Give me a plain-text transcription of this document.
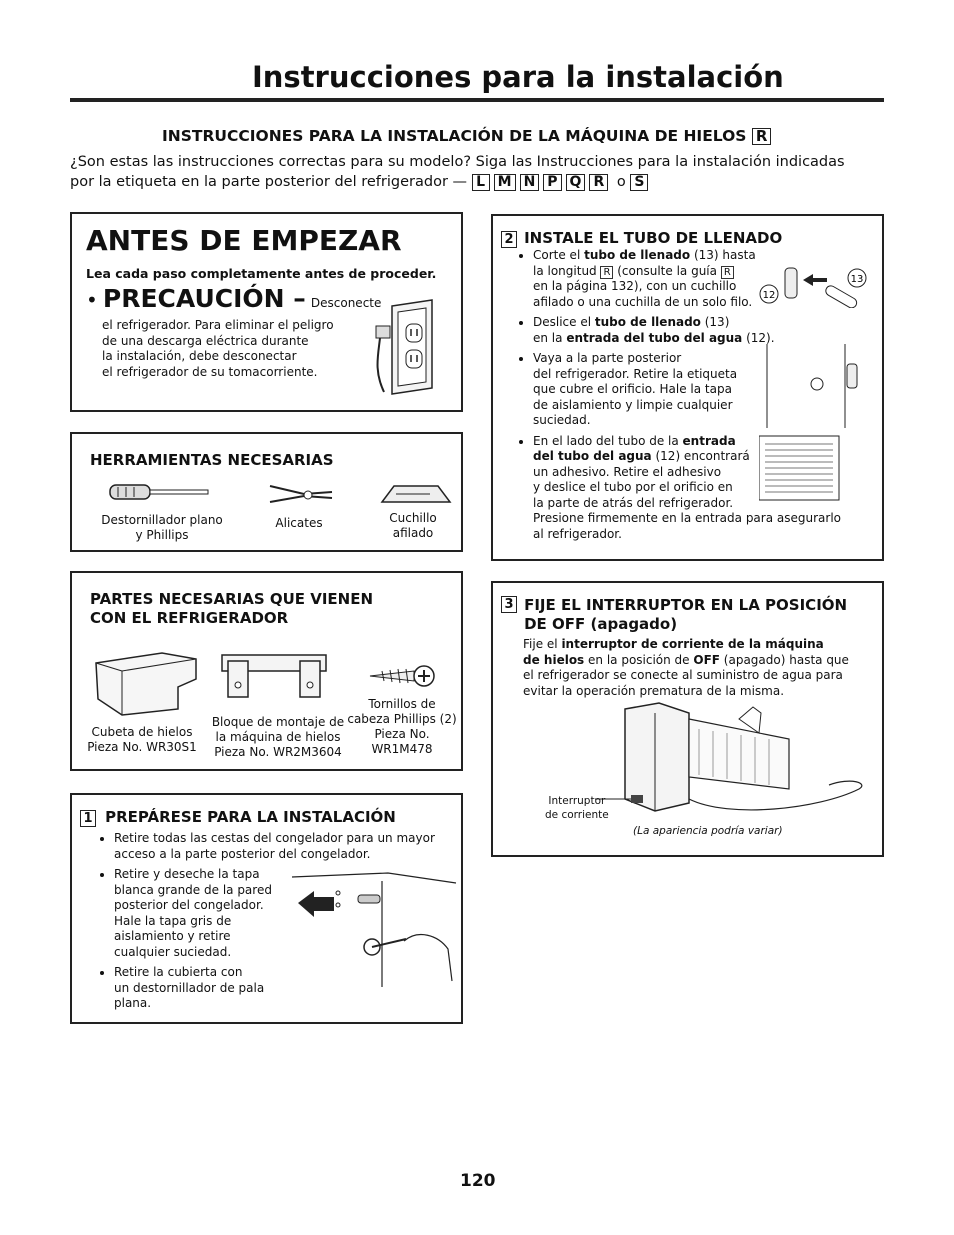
Instrucciones para la instalación
INSTRUCCIONES PARA LA INSTALACIÓN DE LA MÁQUINA DE HIELOS R
¿Son estas las instrucciones correctas para su modelo? Siga las Instrucciones para la instalación indicadas
por la etiqueta en la parte posterior del refrigerador — L M N P Q R o S
ANTES DE EMPEZAR
Lea cada paso completamente antes de proceder.
• PRECAUCIÓN – Desconecte
el refrigerador. Para eliminar el peligro
de una descarga eléctrica durante
la instalación, debe desconectar
el refrigerador de su tomacorriente.
HERRAMIENTAS NECESARIAS
Destornillador plano
y Phillips
Alicates	Cuchillo
afilado
PARTES NECESARIAS QUE VIENEN
CON EL REFRIGERADOR
Cubeta de hielos
Pieza No. WR30S1
Bloque de montaje de
la máquina de hielos
Pieza No. WR2M3604
Tornillos de
cabeza Phillips (2)
Pieza No.
WR1M478
1 PREPÁRESE PARA LA INSTALACIÓN
• Retire todas las cestas del congelador para un mayor
acceso a la parte posterior del congelador.
• Retire y deseche la tapa
blanca grande de la pared
posterior del congelador.
Hale la tapa gris de
aislamiento y retire
cualquier suciedad.
• Retire la cubierta con
un destornillador de pala
plana.
2 INSTALE EL TUBO DE LLENADO
• Corte el tubo de llenado (13) hasta
la longitud R (consulte la guía R
en la página 132), con un cuchillo
afilado o una cuchilla de un solo filo.
• Deslice el tubo de llenado (13)
en la entrada del tubo del agua (12).
• Vaya a la parte posterior
del refrigerador. Retire la etiqueta
que cubre el orificio. Hale la tapa
de aislamiento y limpie cualquier
suciedad.
• En el lado del tubo de la entrada
del tubo del agua (12) encontrará
un adhesivo. Retire el adhesivo
y deslice el tubo por el orificio en
la parte de atrás del refrigerador.
Presione firmemente en la entrada para asegurarlo
al refrigerador.
12
13
3 FIJE EL INTERRUPTOR EN LA POSICIÓN
DE OFF (apagado)
Fije el interruptor de corriente de la máquina
de hielos en la posición de OFF (apagado) hasta que
el refrigerador se conecte al suministro de agua para
evitar la operación prematura de la misma.
Interruptor
de corriente
(La apariencia podría variar)
120
